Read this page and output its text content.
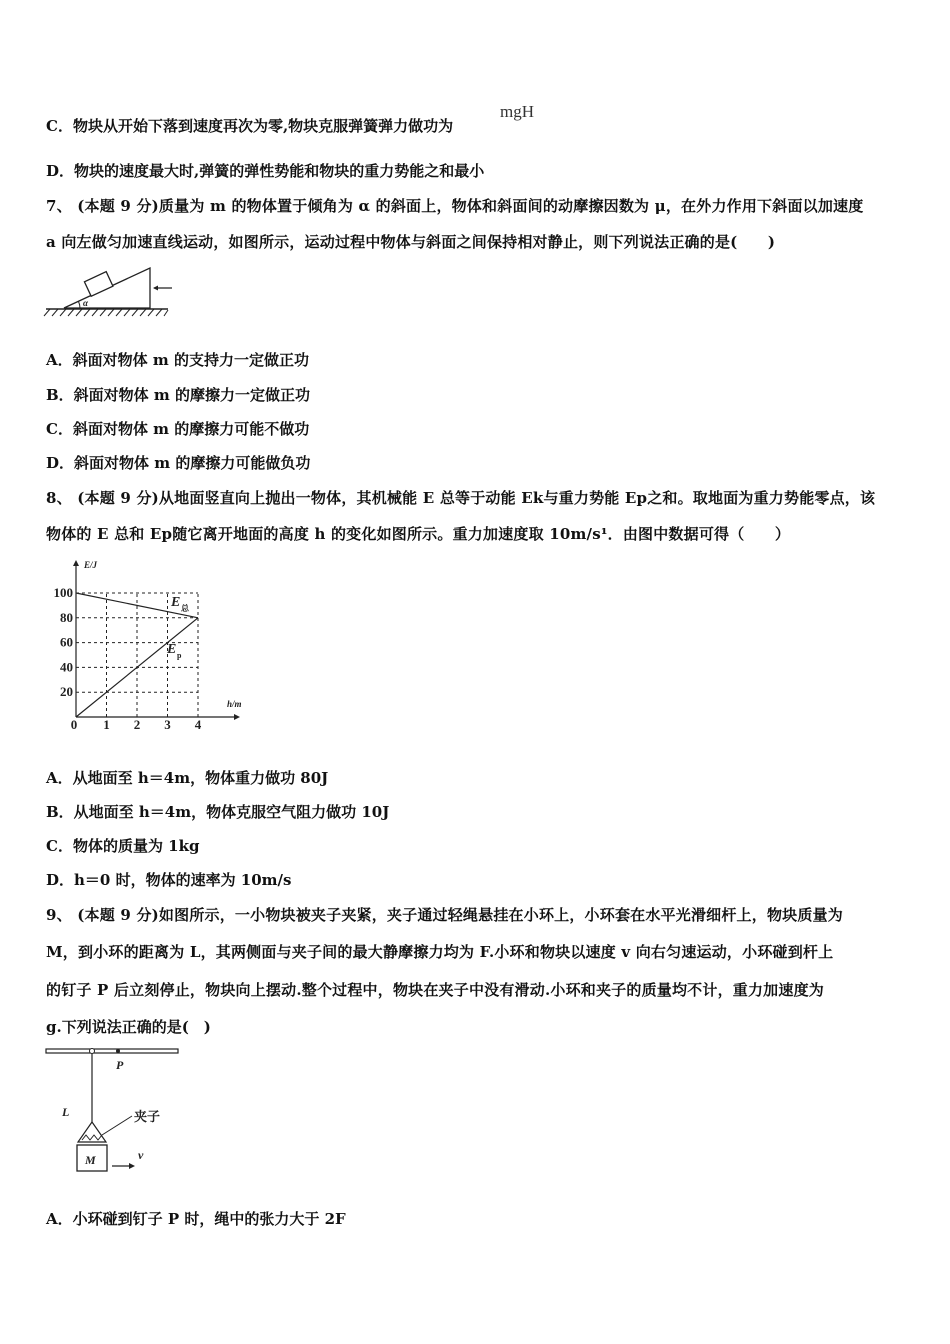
C．物块从开始下落到速度再次为零,物块克服弹簧弹力做功为
mgH
D．物块的速度最大时,弹簧的弹性势能和物块的重力势能之和最小
7、 (本题 9 分)质量为 m 的物体置于倾角为 α 的斜面上，物体和斜面间的动摩擦因数为 μ，在外力作用下斜面以加速度
a 向左做匀加速直线运动，如图所示，运动过程中物体与斜面之间保持相对静止，则下列说法正确的是(　　)
α
A．斜面对物体 m 的支持力一定做正功
B．斜面对物体 m 的摩擦力一定做正功
C．斜面对物体 m 的摩擦力可能不做功
D．斜面对物体 m 的摩擦力可能做负功
8、 (本题 9 分)从地面竖直向上抛出一物体，其机械能 E 总等于动能 Ek与重力势能 Ep之和。取地面为重力势能零点，该
物体的 E 总和 Ep随它离开地面的高度 h 的变化如图所示。重力加速度取 10m/s¹．由图中数据可得（　　）
0 1 2 3 4
20
40
60
80
100
E 总
E p
E/J
h/m
A．从地面至 h＝4m，物体重力做功 80J
B．从地面至 h＝4m，物体克服空气阻力做功 10J
C．物体的质量为 1kg
D．h＝0 时，物体的速率为 10m/s
9、 (本题 9 分)如图所示，一小物块被夹子夹紧，夹子通过轻绳悬挂在小环上，小环套在水平光滑细杆上，物块质量为
M，到小环的距离为 L，其两侧面与夹子间的最大静摩擦力均为 F.小环和物块以速度 v 向右匀速运动，小环碰到杆上
的钉子 P 后立刻停止，物块向上摆动.整个过程中，物块在夹子中没有滑动.小环和夹子的质量均不计，重力加速度为
g.下列说法正确的是(　)
P
L	夹子
M	v
A．小环碰到钉子 P 时，绳中的张力大于 2F
